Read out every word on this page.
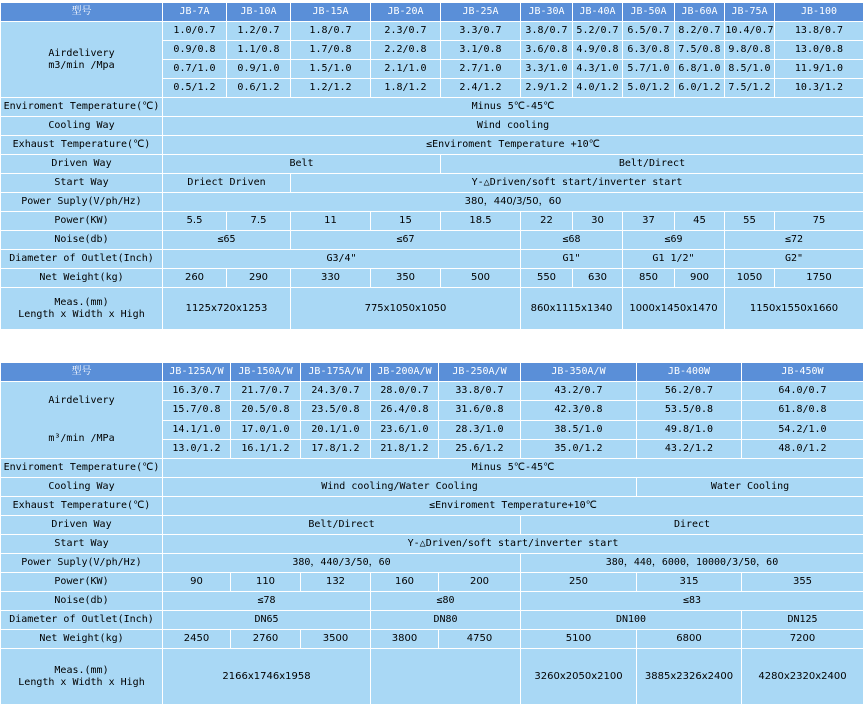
型号	JB-7A	JB-10A	JB-15A	JB-20A	JB-25A	JB-30A	JB-40A	JB-50A	JB-60A	JB-75A	JB-100

Airdelivery
m3/min /Mpa	1.0/0.7	1.2/0.7	1.8/0.7	2.3/0.7	3.3/0.7	3.8/0.7	5.2/0.7	6.5/0.7	8.2/0.7	10.4/0.7	13.8/0.7
	0.9/0.8	1.1/0.8	1.7/0.8	2.2/0.8	3.1/0.8	3.6/0.8	4.9/0.8	6.3/0.8	7.5/0.8	9.8/0.8	13.0/0.8
	0.7/1.0	0.9/1.0	1.5/1.0	2.1/1.0	2.7/1.0	3.3/1.0	4.3/1.0	5.7/1.0	6.8/1.0	8.5/1.0	11.9/1.0
	0.5/1.2	0.6/1.2	1.2/1.2	1.8/1.2	2.4/1.2	2.9/1.2	4.0/1.2	5.0/1.2	6.0/1.2	7.5/1.2	10.3/1.2
Enviroment Temperature(℃)	Minus 5℃-45℃										
Cooling Way	Wind cooling										
Exhaust Temperature(℃)	≤Enviroment Temperature +10℃										
Driven Way	Belt				Belt/Direct						
Start Way	Driect Driven		Y-△Driven/soft start/inverter start								
Power Suply(V/ph/Hz)	380，440/3/50，60										
Power(KW)	5.5	7.5	11	15	18.5	22	30	37	45	55	75
Noise(db)	≤65		≤67			≤68		≤69		≤72	
Diameter of Outlet(Inch)	G3/4"					G1"		G1 1/2"		G2"	
Net Weight(kg)	260	290	330	350	500	550	630	850	900	1050	1750

Meas.(mm)
Length x Width x High	1125x720x1253		775x1050x1050			860x1115x1340		1000x1450x1470		1150x1550x1660	
型号	JB-125A/W	JB-150A/W	JB-175A/W	JB-200A/W	JB-250A/W	JB-350A/W	JB-400W	JB-450W

Airdelivery
m³/min /MPa	16.3/0.7	21.7/0.7	24.3/0.7	28.0/0.7	33.8/0.7	43.2/0.7	56.2/0.7	64.0/0.7
	15.7/0.8	20.5/0.8	23.5/0.8	26.4/0.8	31.6/0.8	42.3/0.8	53.5/0.8	61.8/0.8
	14.1/1.0	17.0/1.0	20.1/1.0	23.6/1.0	28.3/1.0	38.5/1.0	49.8/1.0	54.2/1.0
	13.0/1.2	16.1/1.2	17.8/1.2	21.8/1.2	25.6/1.2	35.0/1.2	43.2/1.2	48.0/1.2
Enviroment Temperature(℃)	Minus 5℃-45℃							
Cooling Way	Wind cooling/Water Cooling						Water Cooling	
Exhaust Temperature(℃)	≤Enviroment Temperature+10℃							
Driven Way	Belt/Direct					Direct		
Start Way	Y-△Driven/soft start/inverter start							
Power Suply(V/ph/Hz)	380，440/3/50，60					380，440，6000，10000/3/50，60		
Power(KW)	90	110	132	160	200	250	315	355
Noise(db)	≤78			≤80		≤83		
Diameter of Outlet(Inch)	DN65			DN80		DN100		DN125
Net Weight(kg)	2450	2760	3500	3800	4750	5100	6800	7200

Meas.(mm)
Length x Width x High	2166x1746x1958					3260x2050x2100	3885x2326x2400	4280x2320x2400
